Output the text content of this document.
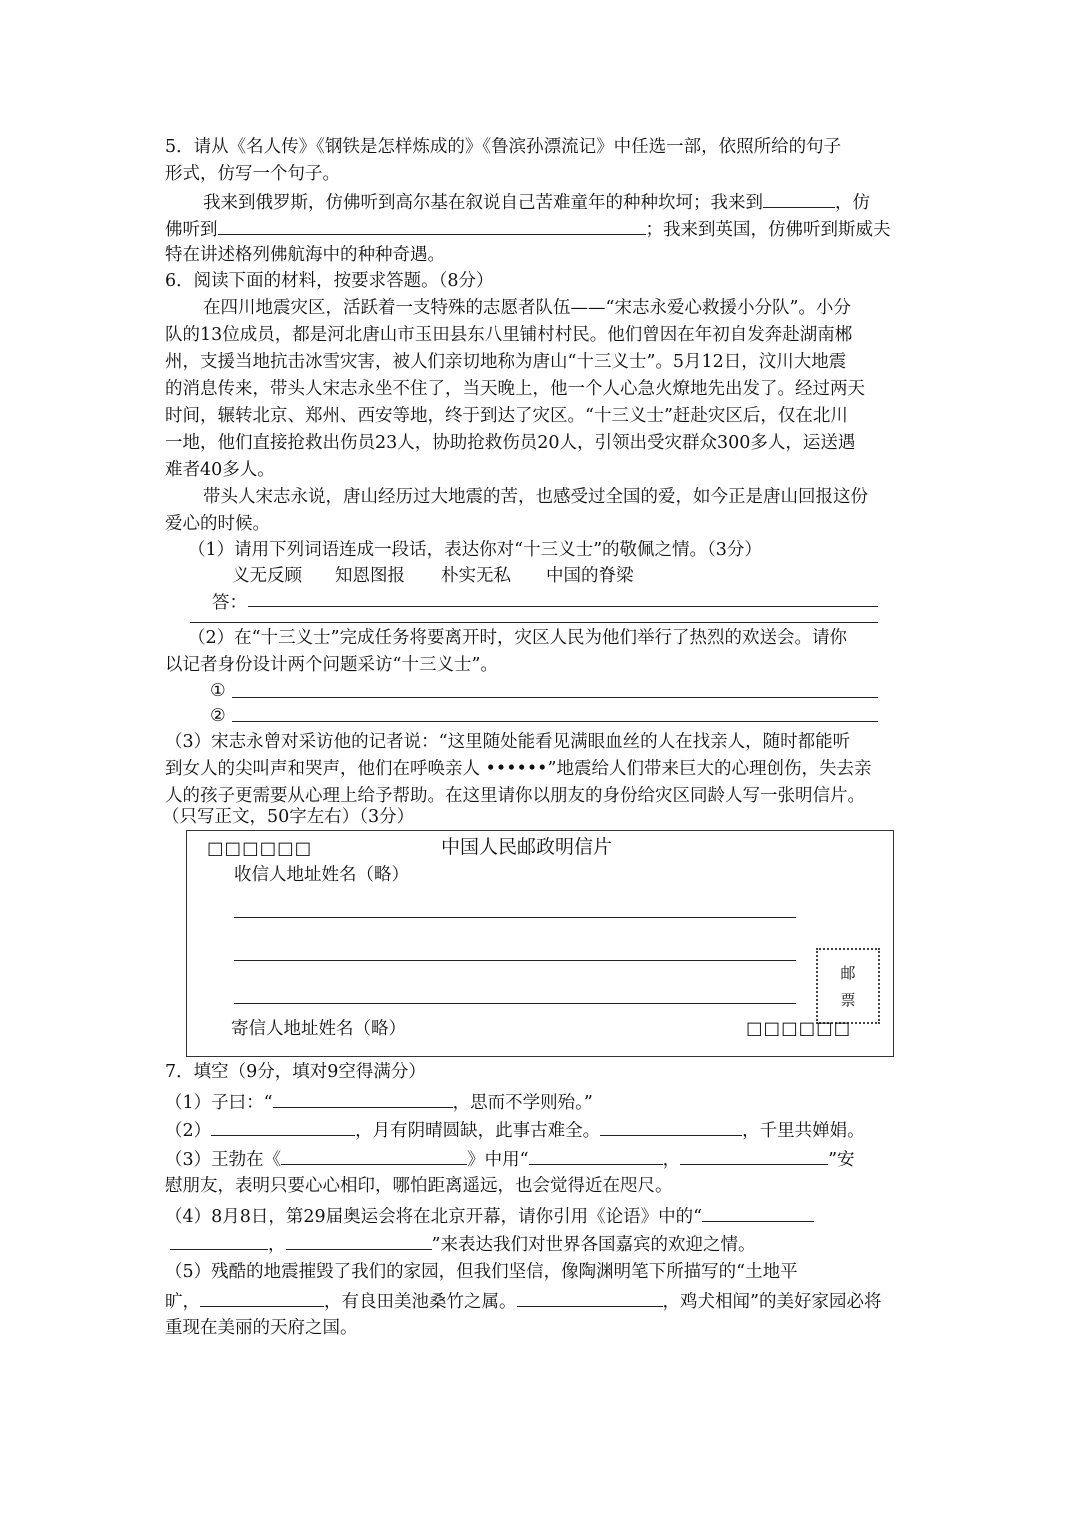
5．请从《名人传》《钢铁是怎样炼成的》《鲁滨孙漂流记》中任选一部，依照所给的句子
形式，仿写一个句子。
我来到俄罗斯，仿佛听到高尔基在叙说自己苦难童年的种种坎坷；我来到	，仿
佛听到	；我来到英国，仿佛听到斯威夫
特在讲述格列佛航海中的种种奇遇。
6．阅读下面的材料，按要求答题。（8分）
在四川地震灾区，活跃着一支特殊的志愿者队伍——“宋志永爱心救援小分队”。小分
队的13位成员，都是河北唐山市玉田县东八里铺村村民。他们曾因在年初自发奔赴湖南郴
州，支援当地抗击冰雪灾害，被人们亲切地称为唐山“十三义士”。5月12日，汶川大地震
的消息传来，带头人宋志永坐不住了，当天晚上，他一个人心急火燎地先出发了。经过两天
时间，辗转北京、郑州、西安等地，终于到达了灾区。“十三义士”赶赴灾区后，仅在北川
一地，他们直接抢救出伤员23人，协助抢救伤员20人，引领出受灾群众300多人，运送遇
难者40多人。
带头人宋志永说，唐山经历过大地震的苦，也感受过全国的爱，如今正是唐山回报这份
爱心的时候。
（1）请用下列词语连成一段话，表达你对“十三义士”的敬佩之情。（3分）
义无反顾 知恩图报 朴实无私 中国的脊梁
答：
（2）在“十三义士”完成任务将要离开时，灾区人民为他们举行了热烈的欢送会。请你
以记者身份设计两个问题采访“十三义士”。
①
②
（3）宋志永曾对采访他的记者说：“这里随处能看见满眼血丝的人在找亲人，随时都能听
到女人的尖叫声和哭声，他们在呼唤亲人 ••••••”地震给人们带来巨大的心理创伤，失去亲
人的孩子更需要从心理上给予帮助。在这里请你以朋友的身份给灾区同龄人写一张明信片。
（只写正文，50字左右）（3分）
□□□□□□	中国人民邮政明信片
收信人地址姓名（略）
邮
票
寄信人地址姓名（略）	□□□□□□
7．填空（9分，填对9空得满分）
（1）子曰：“	，思而不学则殆。”
（2）	，月有阴晴圆缺，此事古难全。	，千里共婵娟。
（3）王勃在《	》中用“	，	”安
慰朋友，表明只要心心相印，哪怕距离遥远，也会觉得近在咫尺。
（4）8月8日，第29届奥运会将在北京开幕，请你引用《论语》中的“
，	”来表达我们对世界各国嘉宾的欢迎之情。
（5）残酷的地震摧毁了我们的家园，但我们坚信，像陶渊明笔下所描写的“土地平
旷，	，有良田美池桑竹之属。	，鸡犬相闻”的美好家园必将
重现在美丽的天府之国。
